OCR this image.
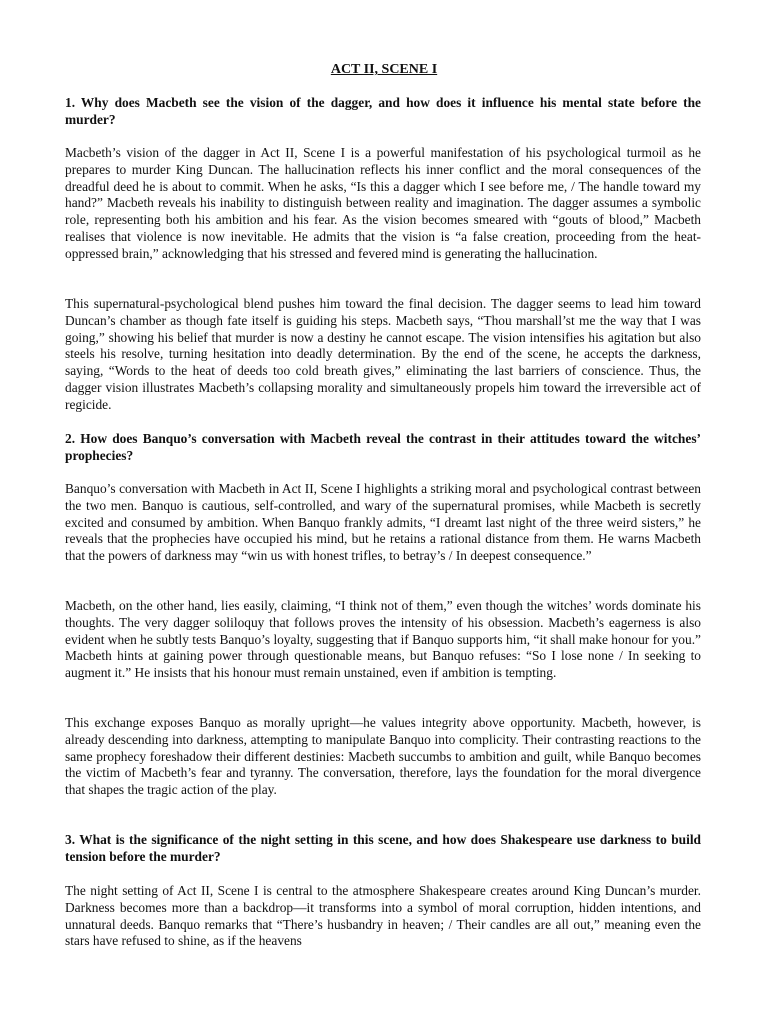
ACT II, SCENE I
1. Why does Macbeth see the vision of the dagger, and how does it influence his mental state before the murder?
Macbeth’s vision of the dagger in Act II, Scene I is a powerful manifestation of his psychological turmoil as he prepares to murder King Duncan. The hallucination reflects his inner conflict and the moral consequences of the dreadful deed he is about to commit. When he asks, “Is this a dagger which I see before me, / The handle toward my hand?” Macbeth reveals his inability to distinguish between reality and imagination. The dagger assumes a symbolic role, representing both his ambition and his fear. As the vision becomes smeared with “gouts of blood,” Macbeth realises that violence is now inevitable. He admits that the vision is “a false creation, proceeding from the heat-oppressed brain,” acknowledging that his stressed and fevered mind is generating the hallucination.
This supernatural-psychological blend pushes him toward the final decision. The dagger seems to lead him toward Duncan’s chamber as though fate itself is guiding his steps. Macbeth says, “Thou marshall’st me the way that I was going,” showing his belief that murder is now a destiny he cannot escape. The vision intensifies his agitation but also steels his resolve, turning hesitation into deadly determination. By the end of the scene, he accepts the darkness, saying, “Words to the heat of deeds too cold breath gives,” eliminating the last barriers of conscience. Thus, the dagger vision illustrates Macbeth’s collapsing morality and simultaneously propels him toward the irreversible act of regicide.
2. How does Banquo’s conversation with Macbeth reveal the contrast in their attitudes toward the witches’ prophecies?
Banquo’s conversation with Macbeth in Act II, Scene I highlights a striking moral and psychological contrast between the two men. Banquo is cautious, self-controlled, and wary of the supernatural promises, while Macbeth is secretly excited and consumed by ambition. When Banquo frankly admits, “I dreamt last night of the three weird sisters,” he reveals that the prophecies have occupied his mind, but he retains a rational distance from them. He warns Macbeth that the powers of darkness may “win us with honest trifles, to betray’s / In deepest consequence.”
Macbeth, on the other hand, lies easily, claiming, “I think not of them,” even though the witches’ words dominate his thoughts. The very dagger soliloquy that follows proves the intensity of his obsession. Macbeth’s eagerness is also evident when he subtly tests Banquo’s loyalty, suggesting that if Banquo supports him, “it shall make honour for you.” Macbeth hints at gaining power through questionable means, but Banquo refuses: “So I lose none / In seeking to augment it.” He insists that his honour must remain unstained, even if ambition is tempting.
This exchange exposes Banquo as morally upright—he values integrity above opportunity. Macbeth, however, is already descending into darkness, attempting to manipulate Banquo into complicity. Their contrasting reactions to the same prophecy foreshadow their different destinies: Macbeth succumbs to ambition and guilt, while Banquo becomes the victim of Macbeth’s fear and tyranny. The conversation, therefore, lays the foundation for the moral divergence that shapes the tragic action of the play.
3. What is the significance of the night setting in this scene, and how does Shakespeare use darkness to build tension before the murder?
The night setting of Act II, Scene I is central to the atmosphere Shakespeare creates around King Duncan’s murder. Darkness becomes more than a backdrop—it transforms into a symbol of moral corruption, hidden intentions, and unnatural deeds. Banquo remarks that “There’s husbandry in heaven; / Their candles are all out,” meaning even the stars have refused to shine, as if the heavens
